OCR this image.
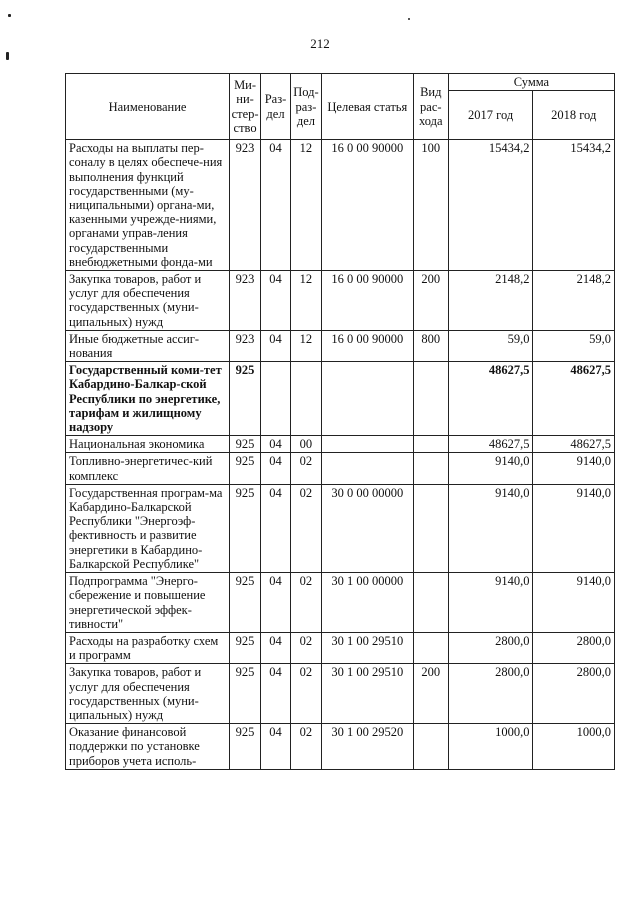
212
Наименование	Ми-ни-стер-ство	Раз-дел	Под-раз-дел	Целевая статья	Вид рас-хода	Сумма	
						2017 год	2018 год
Расходы на выплаты пер-соналу в целях обеспече-ния выполнения функций государственными (му-ниципальными) органа-ми, казенными учрежде-ниями, органами управ-ления государственными внебюджетными фонда-ми	923	04	12	16 0 00 90000	100	15434,2	15434,2
Закупка товаров, работ и услуг для обеспечения государственных (муни-ципальных) нужд	923	04	12	16 0 00 90000	200	2148,2	2148,2
Иные бюджетные ассиг-нования	923	04	12	16 0 00 90000	800	59,0	59,0
Государственный коми-тет Кабардино-Балкар-ской Республики по энергетике, тарифам и жилищному надзору	925					48627,5	48627,5
Национальная экономика	925	04	00			48627,5	48627,5
Топливно-энергетичес-кий комплекс	925	04	02			9140,0	9140,0
Государственная програм-ма Кабардино-Балкарской Республики "Энергоэф-фективность и развитие энергетики в Кабардино-Балкарской Республике"	925	04	02	30 0 00 00000		9140,0	9140,0
Подпрограмма "Энерго-сбережение и повышение энергетической эффек-тивности"	925	04	02	30 1 00 00000		9140,0	9140,0
Расходы на разработку схем и программ	925	04	02	30 1 00 29510		2800,0	2800,0
Закупка товаров, работ и услуг для обеспечения государственных (муни-ципальных) нужд	925	04	02	30 1 00 29510	200	2800,0	2800,0
Оказание финансовой поддержки по установке приборов учета исполь-	925	04	02	30 1 00 29520		1000,0	1000,0
